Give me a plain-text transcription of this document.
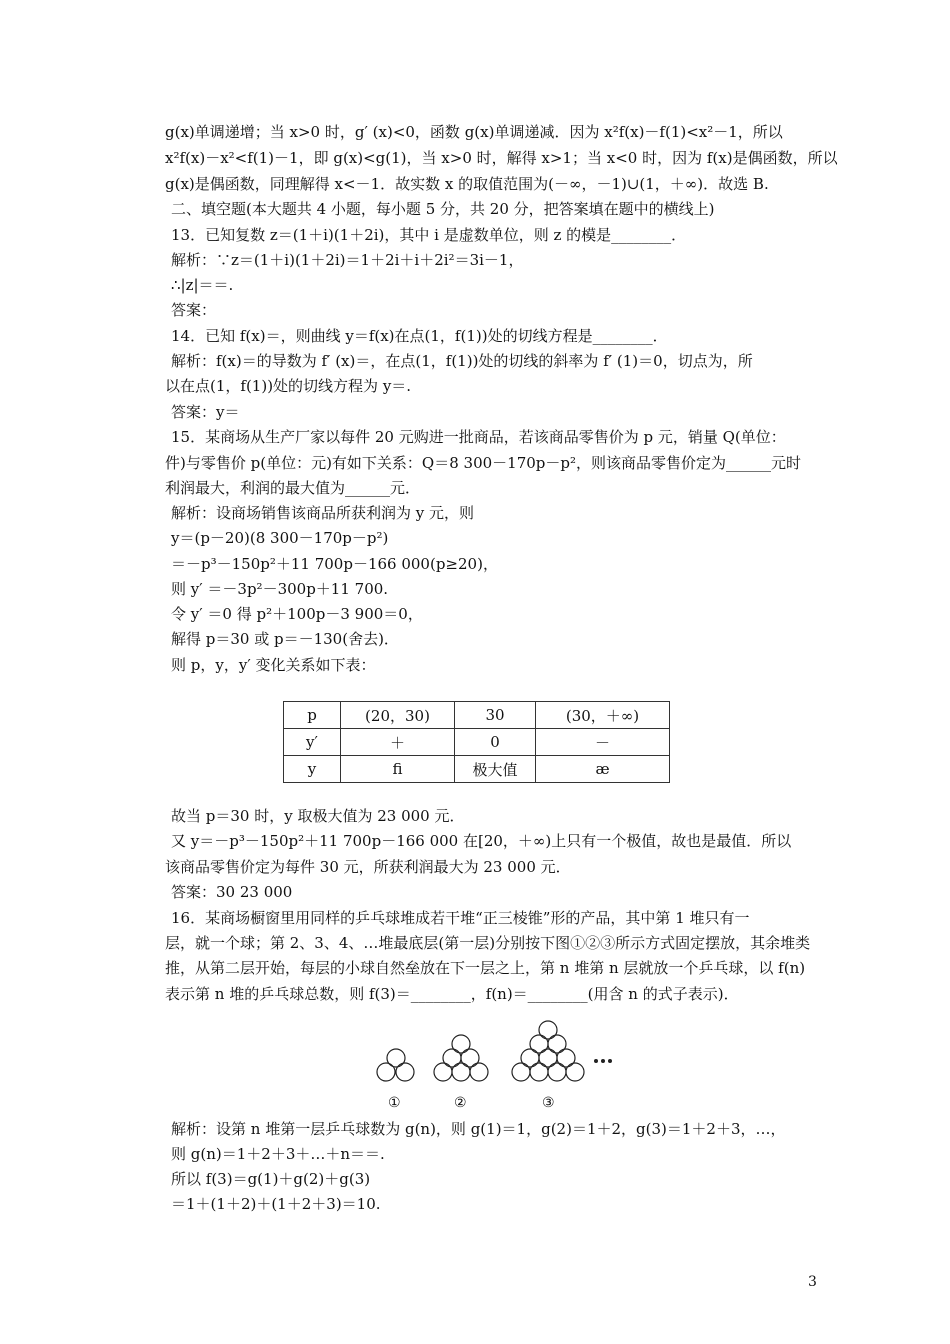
g(x)单调递增；当 x>0 时，g′ (x)<0，函数 g(x)单调递减．因为 x²f(x)－f(1)<x²－1，所以
x²f(x)－x²<f(1)－1，即 g(x)<g(1)，当 x>0 时，解得 x>1；当 x<0 时，因为 f(x)是偶函数，所以
g(x)是偶函数，同理解得 x<－1．故实数 x 的取值范围为(－∞，－1)∪(1，＋∞)．故选 B.
二、填空题(本大题共 4 小题，每小题 5 分，共 20 分，把答案填在题中的横线上)
13．已知复数 z＝(1＋i)(1＋2i)，其中 i 是虚数单位，则 z 的模是________．
解析：∵z＝(1＋i)(1＋2i)＝1＋2i＋i＋2i²＝3i－1，
∴|z|＝＝.
答案：
14．已知 f(x)＝，则曲线 y＝f(x)在点(1，f(1))处的切线方程是________．
解析：f(x)＝的导数为 f′ (x)＝，在点(1，f(1))处的切线的斜率为 f′ (1)＝0，切点为，所
以在点(1，f(1))处的切线方程为 y＝.
答案：y＝
15．某商场从生产厂家以每件 20 元购进一批商品，若该商品零售价为 p 元，销量 Q(单位：
件)与零售价 p(单位：元)有如下关系：Q＝8 300－170p－p²，则该商品零售价定为______元时
利润最大，利润的最大值为______元．
解析：设商场销售该商品所获利润为 y 元，则
y＝(p－20)(8 300－170p－p²)
＝－p³－150p²＋11 700p－166 000(p≥20)，
则 y′ ＝－3p²－300p＋11 700.
令 y′ ＝0 得 p²＋100p－3 900＝0，
解得 p＝30 或 p＝－130(舍去)．
则 p，y，y′ 变化关系如下表：
p	(20，30)	30	(30，＋∞)
y′	＋	0	－
y	ﬁ	极大值	æ
故当 p＝30 时，y 取极大值为 23 000 元．
又 y＝－p³－150p²＋11 700p－166 000 在[20，＋∞)上只有一个极值，故也是最值．所以
该商品零售价定为每件 30 元，所获利润最大为 23 000 元．
答案：30 23 000
16．某商场橱窗里用同样的乒乓球堆成若干堆“正三棱锥”形的产品，其中第 1 堆只有一
层，就一个球；第 2、3、4、…堆最底层(第一层)分别按下图①②③所示方式固定摆放，其余堆类
推，从第二层开始，每层的小球自然垒放在下一层之上，第 n 堆第 n 层就放一个乒乓球，以 f(n)
表示第 n 堆的乒乓球总数，则 f(3)＝________，f(n)＝________(用含 n 的式子表示)．
①	②	③
解析：设第 n 堆第一层乒乓球数为 g(n)，则 g(1)＝1，g(2)＝1＋2，g(3)＝1＋2＋3，…，
则 g(n)＝1＋2＋3＋…＋n＝＝.
所以 f(3)＝g(1)＋g(2)＋g(3)
＝1＋(1＋2)＋(1＋2＋3)＝10.
3
